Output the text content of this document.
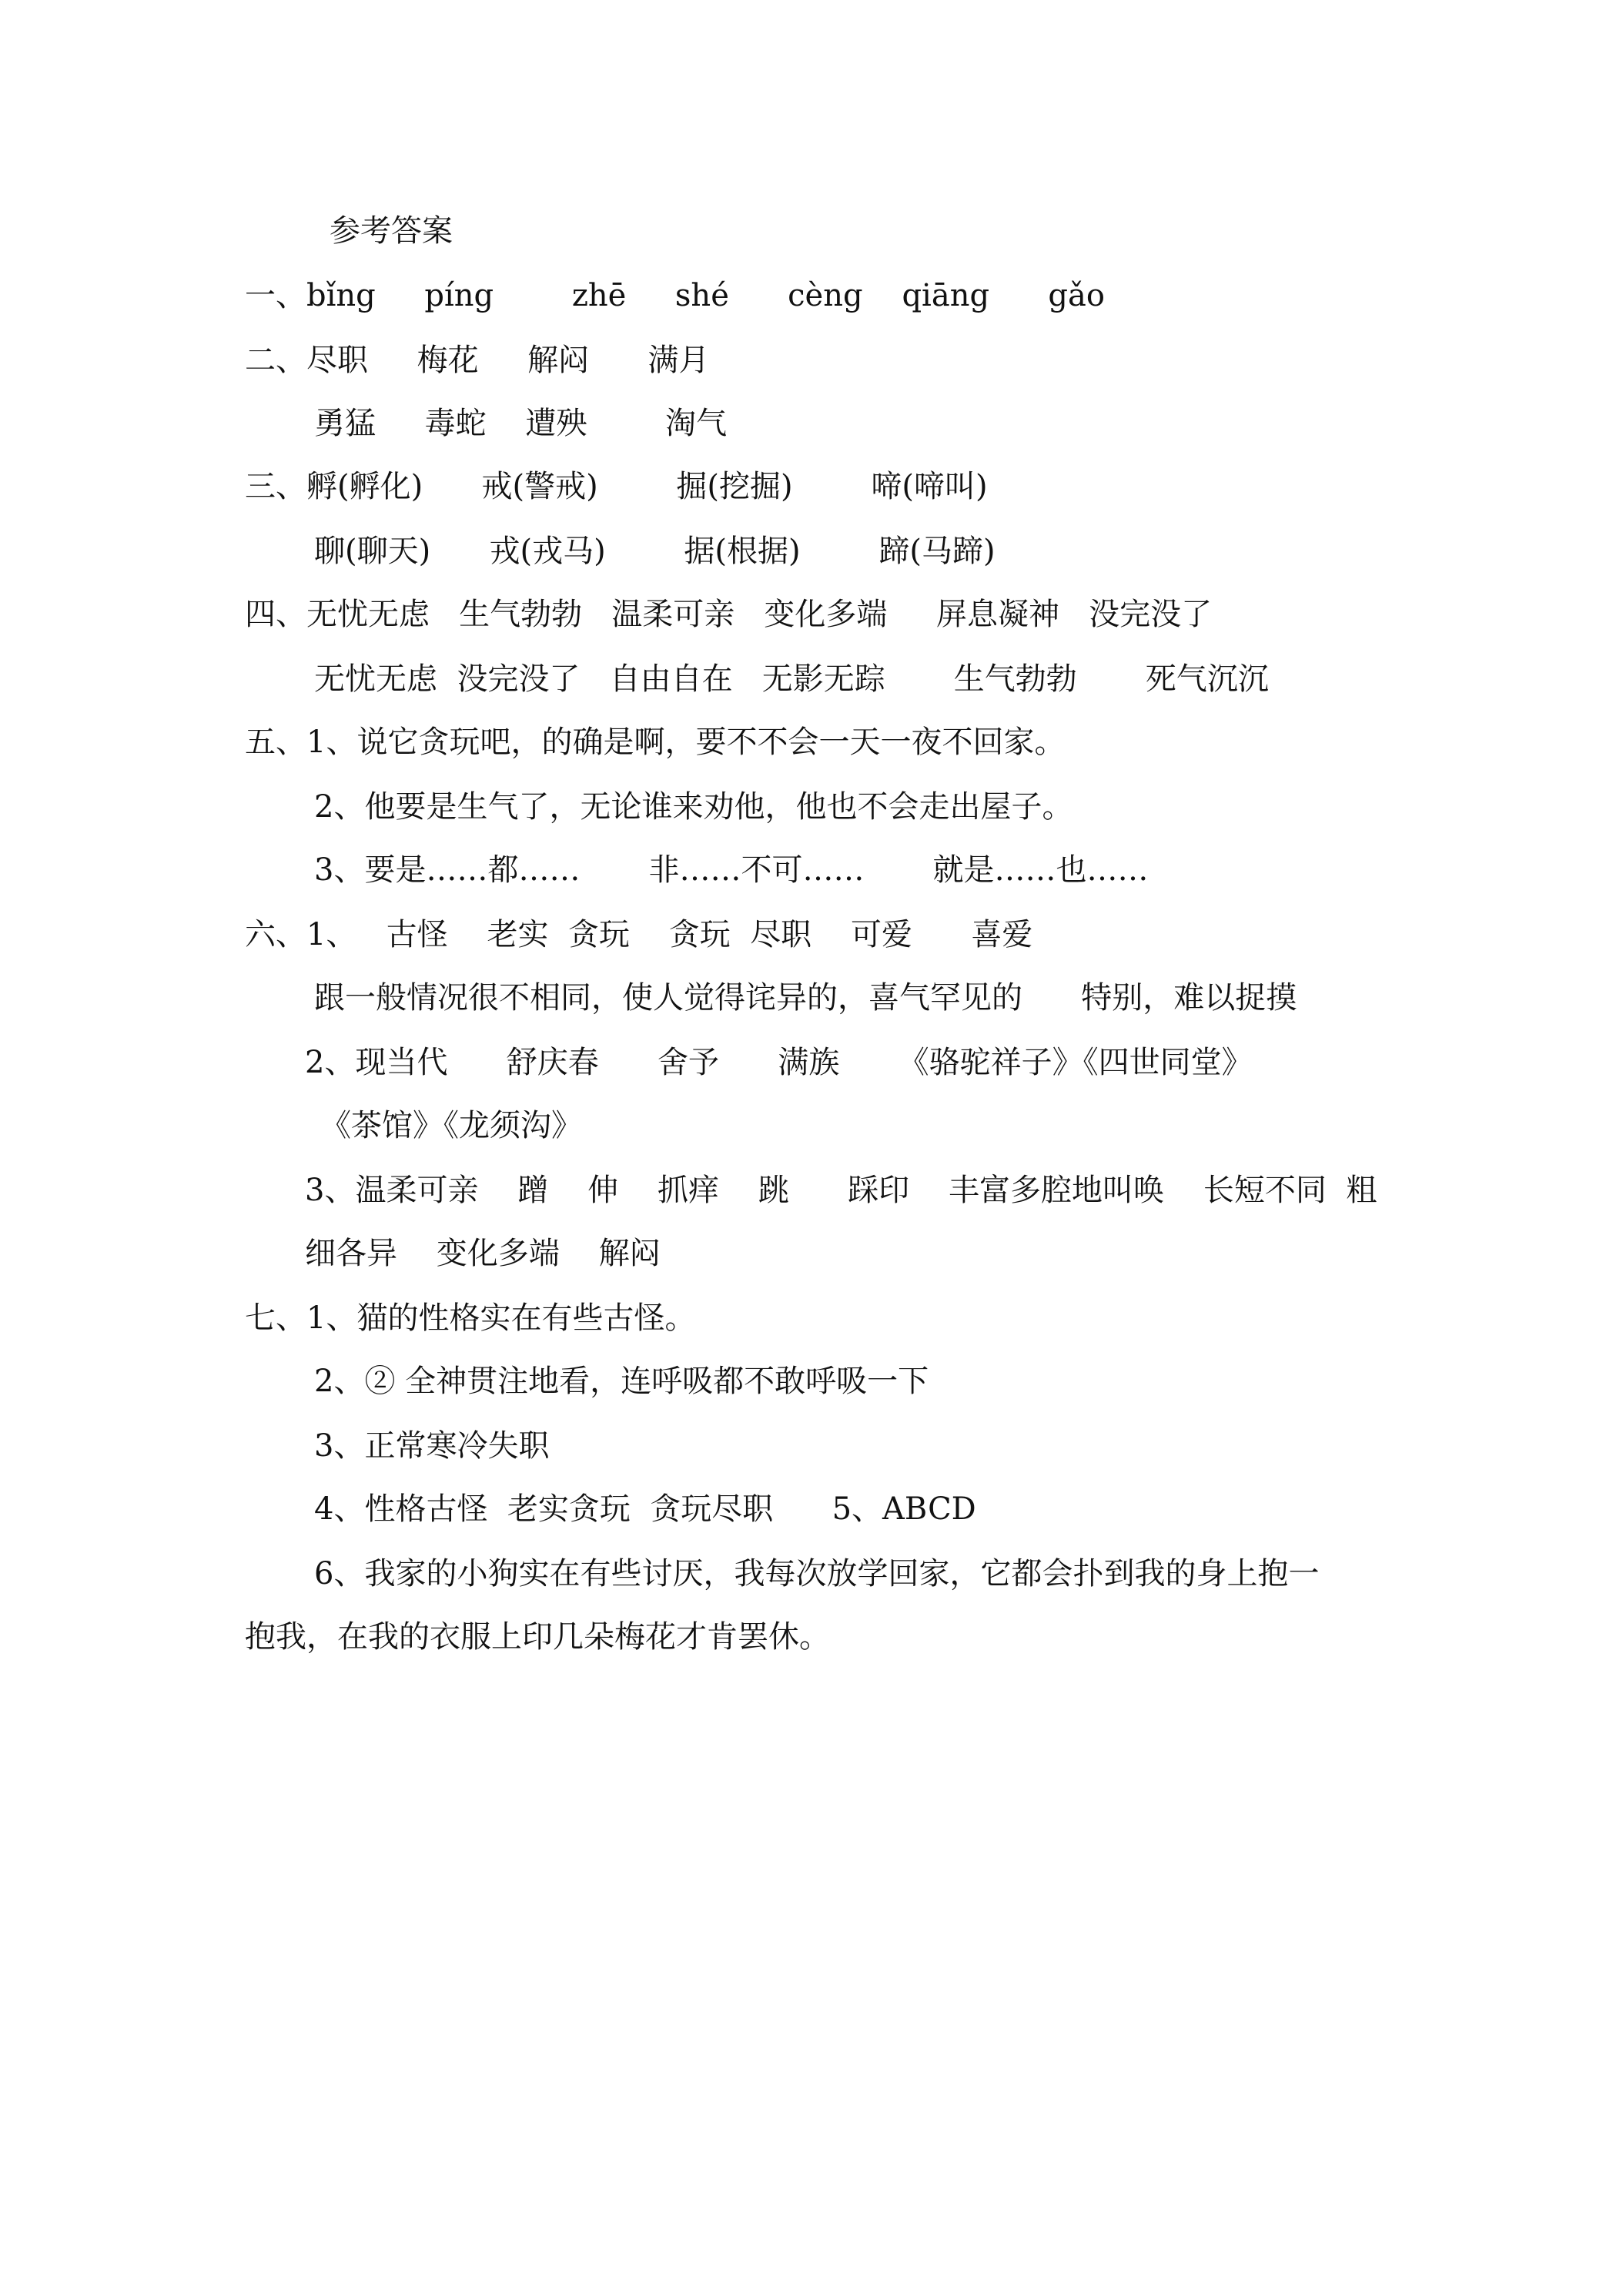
参考答案
一、bǐng     píng        zhē     shé      cèng    qiāng      gǎo
二、尽职     梅花     解闷      满月
勇猛     毒蛇    遭殃        淘气
三、孵(孵化)      戒(警戒)        掘(挖掘)        啼(啼叫)
聊(聊天)      戎(戎马)        据(根据)        蹄(马蹄)
四、无忧无虑   生气勃勃   温柔可亲   变化多端     屏息凝神   没完没了
无忧无虑  没完没了   自由自在   无影无踪       生气勃勃       死气沉沉
五、1、说它贪玩吧，的确是啊，要不不会一天一夜不回家。
2、他要是生气了，无论谁来劝他，他也不会走出屋子。
3、要是……都……       非……不可……       就是……也……
六、1、   古怪    老实  贪玩    贪玩  尽职    可爱      喜爱
跟一般情况很不相同，使人觉得诧异的，喜气罕见的      特别，难以捉摸
2、现当代      舒庆春      舍予      满族      《骆驼祥子》《四世同堂》
《茶馆》《龙须沟》
3、温柔可亲    蹭    伸    抓痒    跳      踩印    丰富多腔地叫唤    长短不同  粗
细各异    变化多端    解闷
七、1、猫的性格实在有些古怪。
2、② 全神贯注地看，连呼吸都不敢呼吸一下
3、正常寒冷失职
4、性格古怪  老实贪玩  贪玩尽职      5、ABCD
6、我家的小狗实在有些讨厌，我每次放学回家，它都会扑到我的身上抱一
抱我，在我的衣服上印几朵梅花才肯罢休。
